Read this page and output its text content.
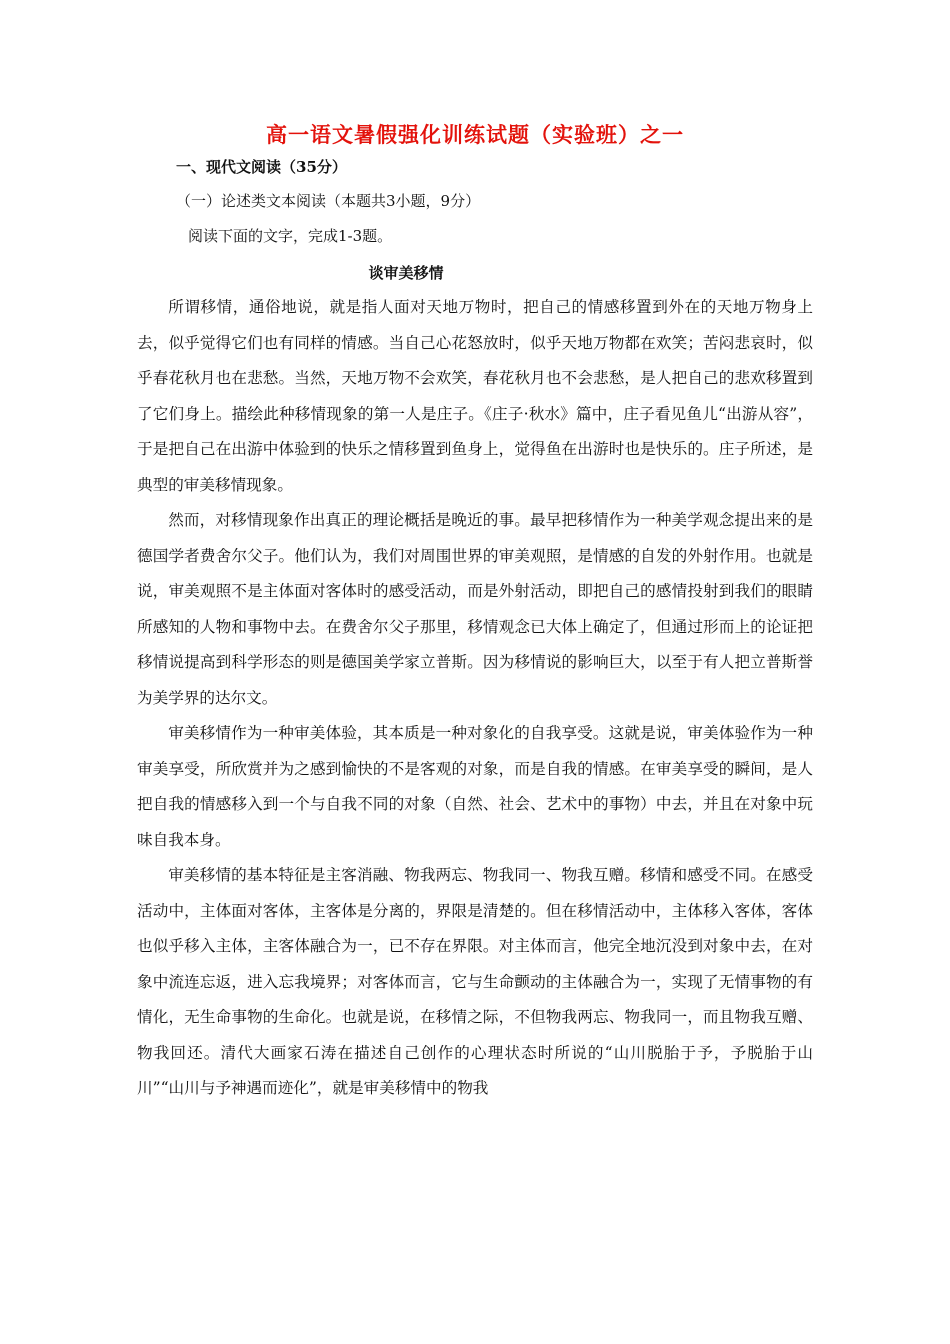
高一语文暑假强化训练试题（实验班）之一
一、现代文阅读（35分）
（一）论述类文本阅读（本题共3小题，9分）
阅读下面的文字，完成1-3题。
谈审美移情

所谓移情，通俗地说，就是指人面对天地万物时，把自己的情感移置到外在的天地万物身上去，似乎觉得它们也有同样的情感。当自己心花怒放时，似乎天地万物都在欢笑；苦闷悲哀时，似乎春花秋月也在悲愁。当然，天地万物不会欢笑，春花秋月也不会悲愁，是人把自己的悲欢移置到了它们身上。描绘此种移情现象的第一人是庄子。《庄子·秋水》篇中，庄子看见鱼儿“出游从容”，于是把自己在出游中体验到的快乐之情移置到鱼身上，觉得鱼在出游时也是快乐的。庄子所述，是典型的审美移情现象。

然而，对移情现象作出真正的理论概括是晚近的事。最早把移情作为一种美学观念提出来的是德国学者费舍尔父子。他们认为，我们对周围世界的审美观照，是情感的自发的外射作用。也就是说，审美观照不是主体面对客体时的感受活动，而是外射活动，即把自己的感情投射到我们的眼睛所感知的人物和事物中去。在费舍尔父子那里，移情观念已大体上确定了，但通过形而上的论证把移情说提高到科学形态的则是德国美学家立普斯。因为移情说的影响巨大，以至于有人把立普斯誉为美学界的达尔文。

审美移情作为一种审美体验，其本质是一种对象化的自我享受。这就是说，审美体验作为一种审美享受，所欣赏并为之感到愉快的不是客观的对象，而是自我的情感。在审美享受的瞬间，是人把自我的情感移入到一个与自我不同的对象（自然、社会、艺术中的事物）中去，并且在对象中玩味自我本身。

审美移情的基本特征是主客消融、物我两忘、物我同一、物我互赠。移情和感受不同。在感受活动中，主体面对客体，主客体是分离的，界限是清楚的。但在移情活动中，主体移入客体，客体也似乎移入主体，主客体融合为一，已不存在界限。对主体而言，他完全地沉没到对象中去，在对象中流连忘返，进入忘我境界；对客体而言，它与生命颤动的主体融合为一，实现了无情事物的有情化，无生命事物的生命化。也就是说，在移情之际，不但物我两忘、物我同一，而且物我互赠、物我回还。清代大画家石涛在描述自己创作的心理状态时所说的“山川脱胎于予，予脱胎于山川”“山川与予神遇而迹化”，就是审美移情中的物我
